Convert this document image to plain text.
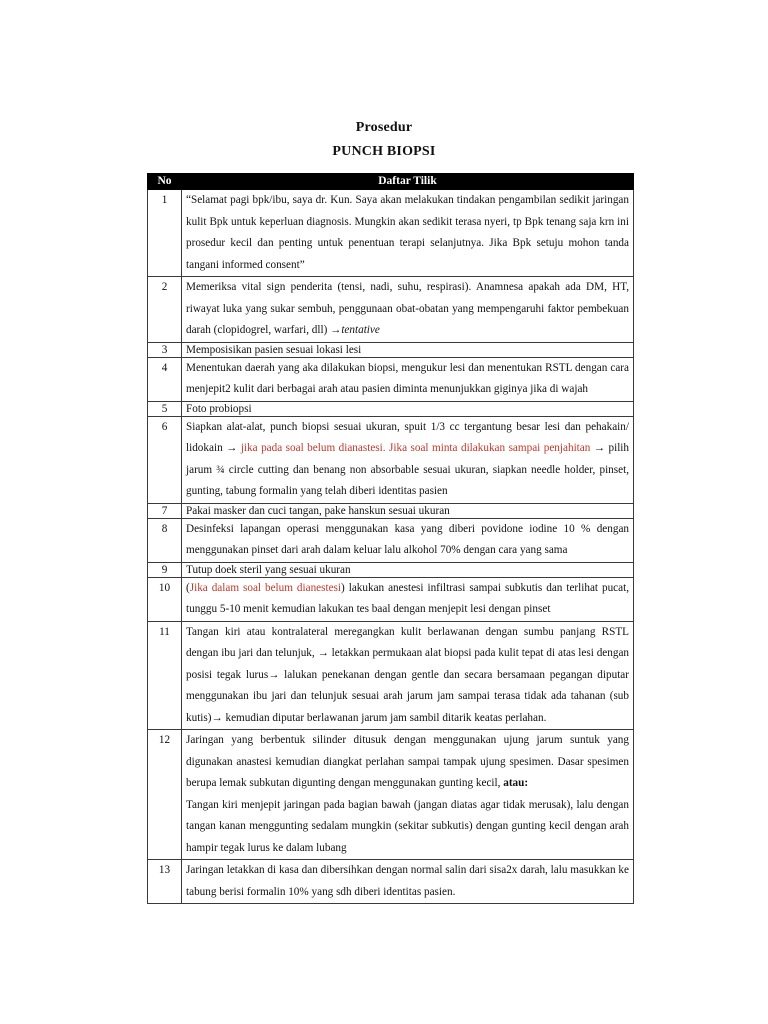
Prosedur
PUNCH BIOPSI
No	Daftar Tilik
1	“Selamat pagi bpk/ibu, saya dr. Kun. Saya akan melakukan tindakan pengambilan sedikit jaringan kulit Bpk untuk keperluan diagnosis. Mungkin akan sedikit terasa nyeri, tp Bpk tenang saja krn ini prosedur kecil dan penting untuk penentuan terapi selanjutnya. Jika Bpk setuju mohon tanda tangani informed consent”
2	Memeriksa vital sign penderita (tensi, nadi, suhu, respirasi). Anamnesa apakah ada DM, HT, riwayat luka yang sukar sembuh, penggunaan obat-obatan yang mempengaruhi faktor pembekuan darah (clopidogrel, warfari, dll) →tentative
3	Memposisikan pasien sesuai lokasi lesi
4	Menentukan daerah yang aka dilakukan biopsi, mengukur lesi dan menentukan RSTL dengan cara menjepit2 kulit dari berbagai arah atau pasien diminta menunjukkan giginya jika di wajah
5	Foto probiopsi
6	Siapkan alat-alat, punch biopsi sesuai ukuran, spuit 1/3 cc tergantung besar lesi dan pehakain/ lidokain → jika pada soal belum dianastesi. Jika soal minta dilakukan sampai penjahitan → pilih jarum ¾ circle cutting dan benang non absorbable sesuai ukuran, siapkan needle holder, pinset, gunting, tabung formalin yang telah diberi identitas pasien
7	Pakai masker dan cuci tangan, pake hanskun sesuai ukuran
8	Desinfeksi lapangan operasi menggunakan kasa yang diberi povidone iodine 10 % dengan menggunakan pinset dari arah dalam keluar lalu alkohol 70% dengan cara yang sama
9	Tutup doek steril yang sesuai ukuran
10	(Jika dalam soal belum dianestesi) lakukan anestesi infiltrasi sampai subkutis dan terlihat pucat, tunggu 5-10 menit kemudian lakukan tes baal dengan menjepit lesi dengan pinset
11	Tangan kiri atau kontralateral meregangkan kulit berlawanan dengan sumbu panjang RSTL dengan ibu jari dan telunjuk, → letakkan permukaan alat biopsi pada kulit tepat di atas lesi dengan posisi tegak lurus→ lalukan penekanan dengan gentle dan secara bersamaan pegangan diputar menggunakan ibu jari dan telunjuk sesuai arah jarum jam sampai terasa tidak ada tahanan (sub kutis)→ kemudian diputar berlawanan jarum jam sambil ditarik keatas perlahan.
12	Jaringan yang berbentuk silinder ditusuk dengan menggunakan ujung jarum suntuk yang digunakan anastesi kemudian diangkat perlahan sampai tampak ujung spesimen. Dasar spesimen berupa lemak subkutan digunting dengan menggunakan gunting kecil, atau:
Tangan kiri menjepit jaringan pada bagian bawah (jangan diatas agar tidak merusak), lalu dengan tangan kanan menggunting sedalam mungkin (sekitar subkutis) dengan gunting kecil dengan arah hampir tegak lurus ke dalam lubang
13	Jaringan letakkan di kasa dan dibersihkan dengan normal salin dari sisa2x darah, lalu masukkan ke tabung berisi formalin 10% yang sdh diberi identitas pasien.
